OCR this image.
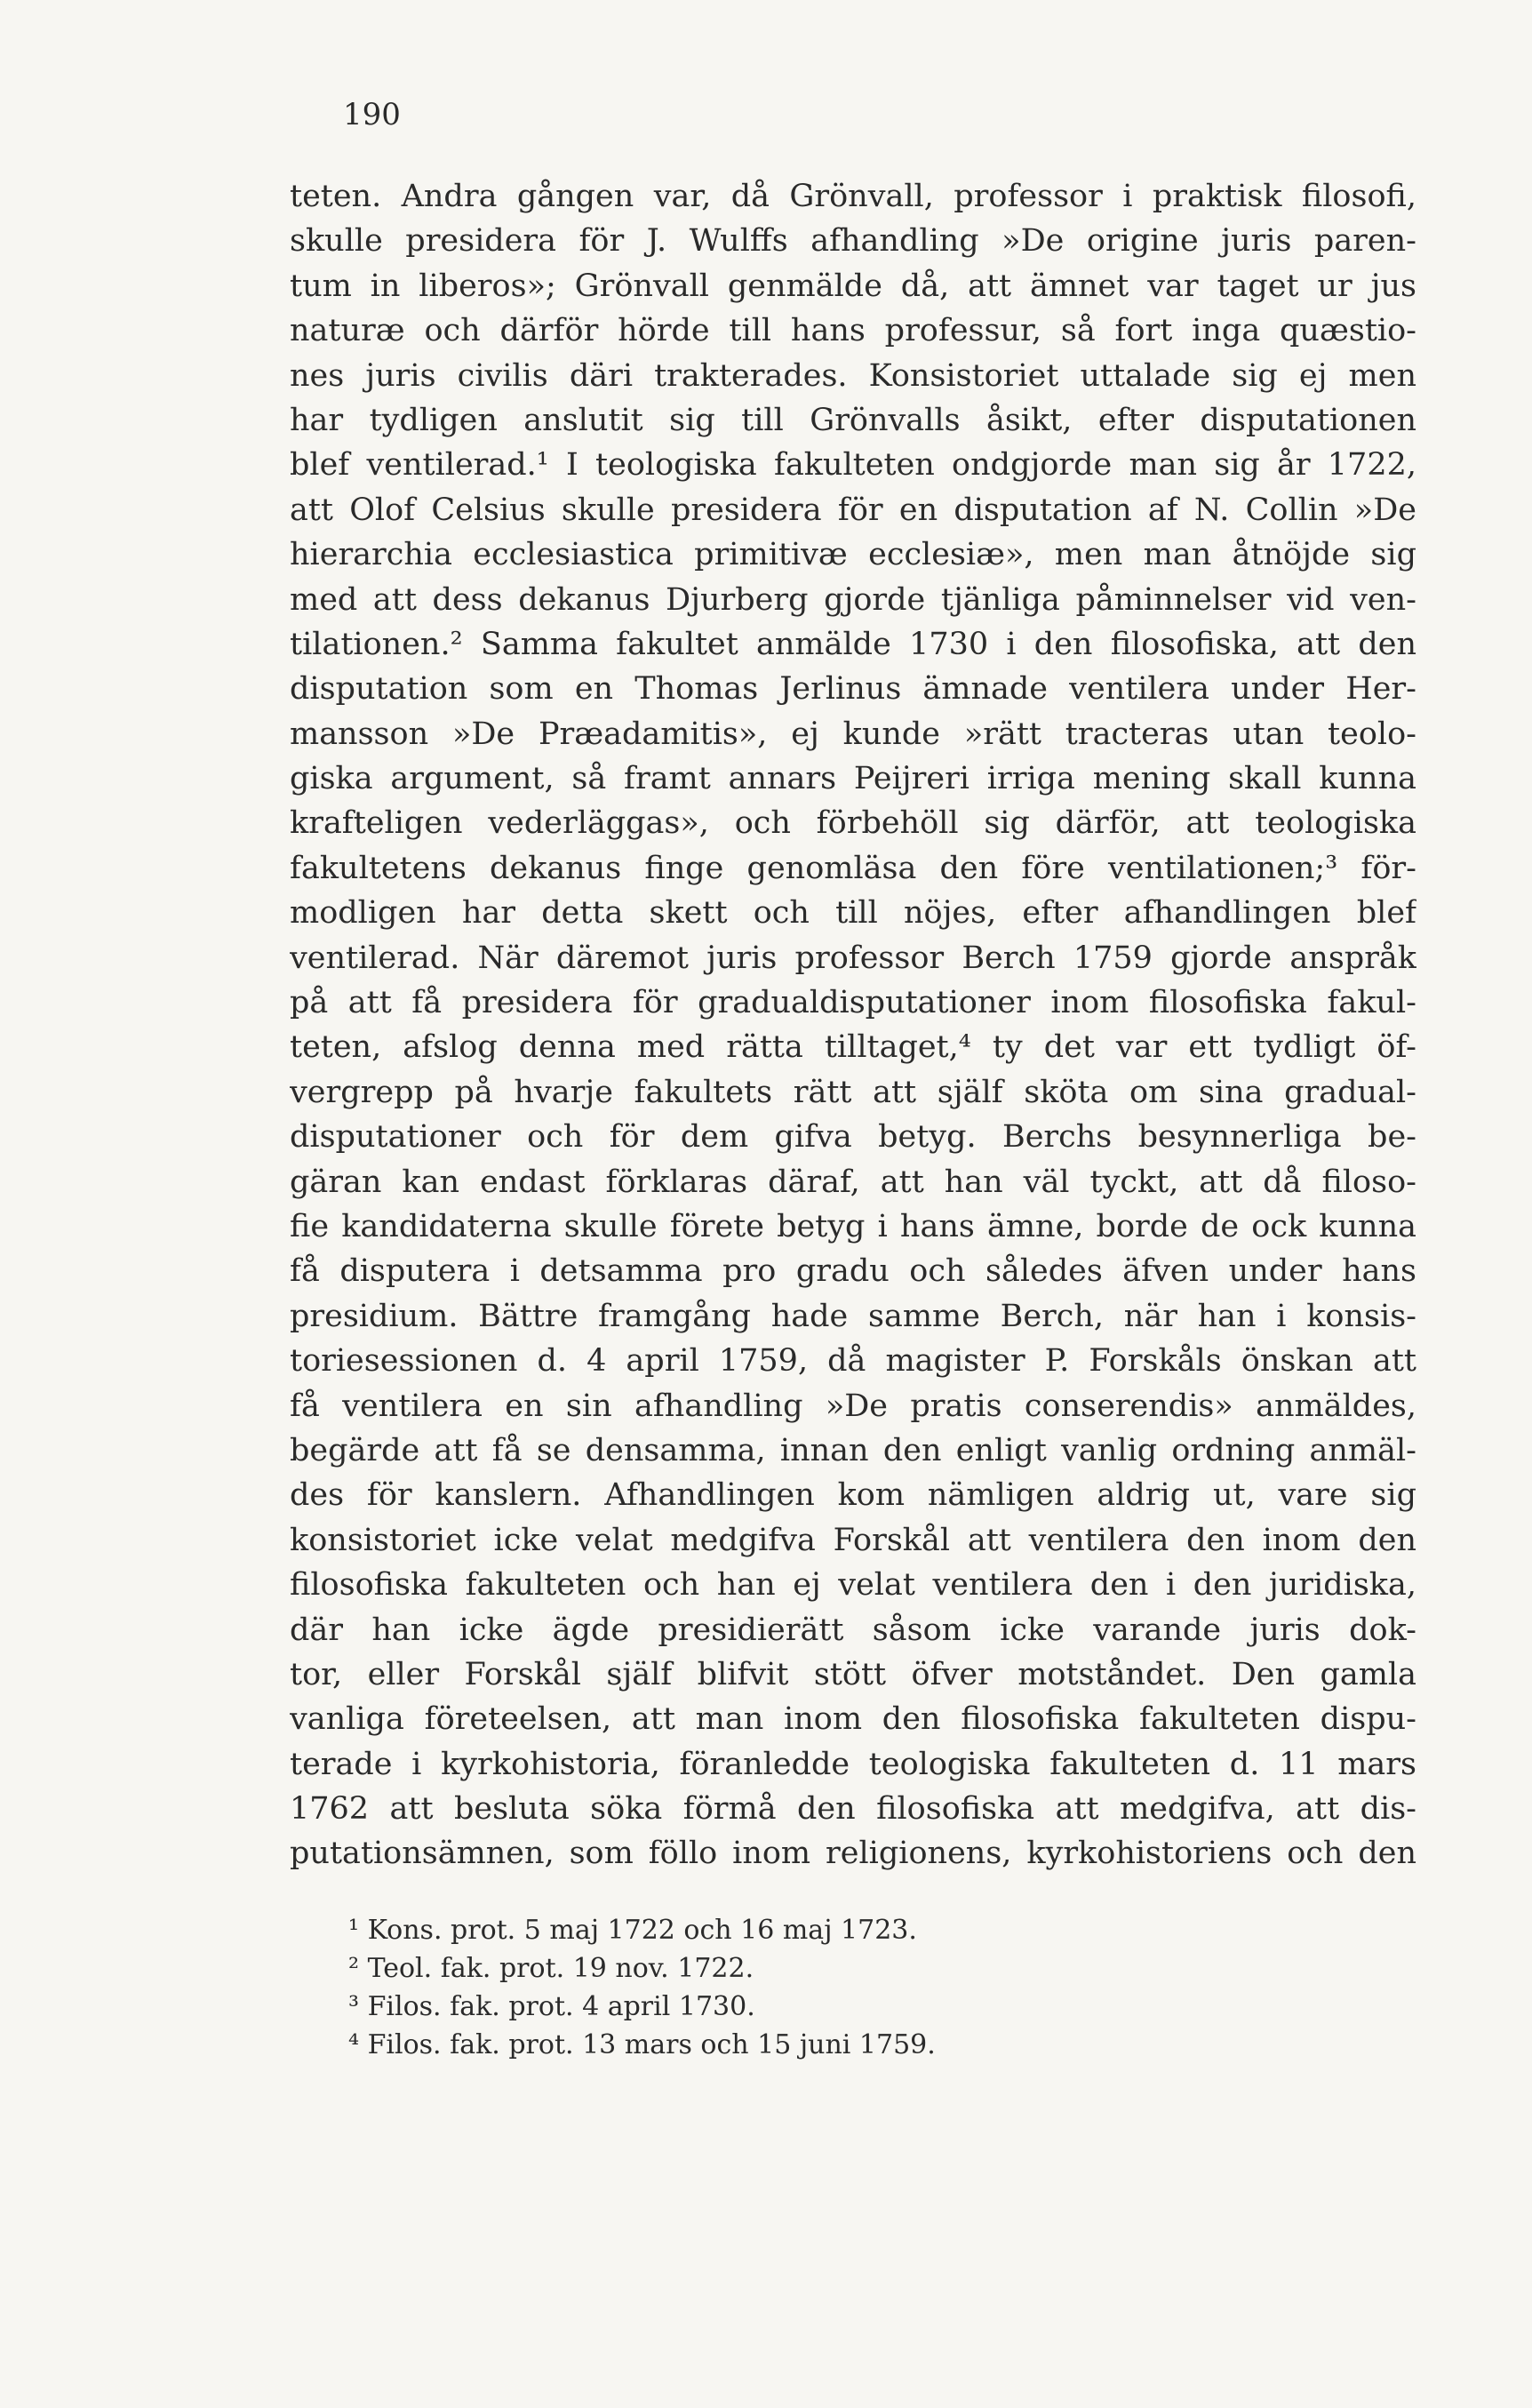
190
teten. Andra gången var, då Grönvall, professor i praktisk filosofi,
skulle presidera för J. Wulffs afhandling »De origine juris paren-
tum in liberos»; Grönvall genmälde då, att ämnet var taget ur jus
naturæ och därför hörde till hans professur, så fort inga quæstio-
nes juris civilis däri trakterades. Konsistoriet uttalade sig ej men
har tydligen anslutit sig till Grönvalls åsikt, efter disputationen
blef ventilerad.¹ I teologiska fakulteten ondgjorde man sig år 1722,
att Olof Celsius skulle presidera för en disputation af N. Collin »De
hierarchia ecclesiastica primitivæ ecclesiæ», men man åtnöjde sig
med att dess dekanus Djurberg gjorde tjänliga påminnelser vid ven-
tilationen.² Samma fakultet anmälde 1730 i den filosofiska, att den
disputation som en Thomas Jerlinus ämnade ventilera under Her-
mansson »De Præadamitis», ej kunde »rätt tracteras utan teolo-
giska argument, så framt annars Peijreri irriga mening skall kunna
krafteligen vederläggas», och förbehöll sig därför, att teologiska
fakultetens dekanus finge genomläsa den före ventilationen;³ för-
modligen har detta skett och till nöjes, efter afhandlingen blef
ventilerad. När däremot juris professor Berch 1759 gjorde anspråk
på att få presidera för gradualdisputationer inom filosofiska fakul-
teten, afslog denna med rätta tilltaget,⁴ ty det var ett tydligt öf-
vergrepp på hvarje fakultets rätt att själf sköta om sina gradual-
disputationer och för dem gifva betyg. Berchs besynnerliga be-
gäran kan endast förklaras däraf, att han väl tyckt, att då filoso-
fie kandidaterna skulle förete betyg i hans ämne, borde de ock kunna
få disputera i detsamma pro gradu och således äfven under hans
presidium. Bättre framgång hade samme Berch, när han i konsis-
toriesessionen d. 4 april 1759, då magister P. Forskåls önskan att
få ventilera en sin afhandling »De pratis conserendis» anmäldes,
begärde att få se densamma, innan den enligt vanlig ordning anmäl-
des för kanslern. Afhandlingen kom nämligen aldrig ut, vare sig
konsistoriet icke velat medgifva Forskål att ventilera den inom den
filosofiska fakulteten och han ej velat ventilera den i den juridiska,
där han icke ägde presidierätt såsom icke varande juris dok-
tor, eller Forskål själf blifvit stött öfver motståndet. Den gamla
vanliga företeelsen, att man inom den filosofiska fakulteten dispu-
terade i kyrkohistoria, föranledde teologiska fakulteten d. 11 mars
1762 att besluta söka förmå den filosofiska att medgifva, att dis-
putationsämnen, som föllo inom religionens, kyrkohistoriens och den
¹ Kons. prot. 5 maj 1722 och 16 maj 1723.
² Teol. fak. prot. 19 nov. 1722.
³ Filos. fak. prot. 4 april 1730.
⁴ Filos. fak. prot. 13 mars och 15 juni 1759.
